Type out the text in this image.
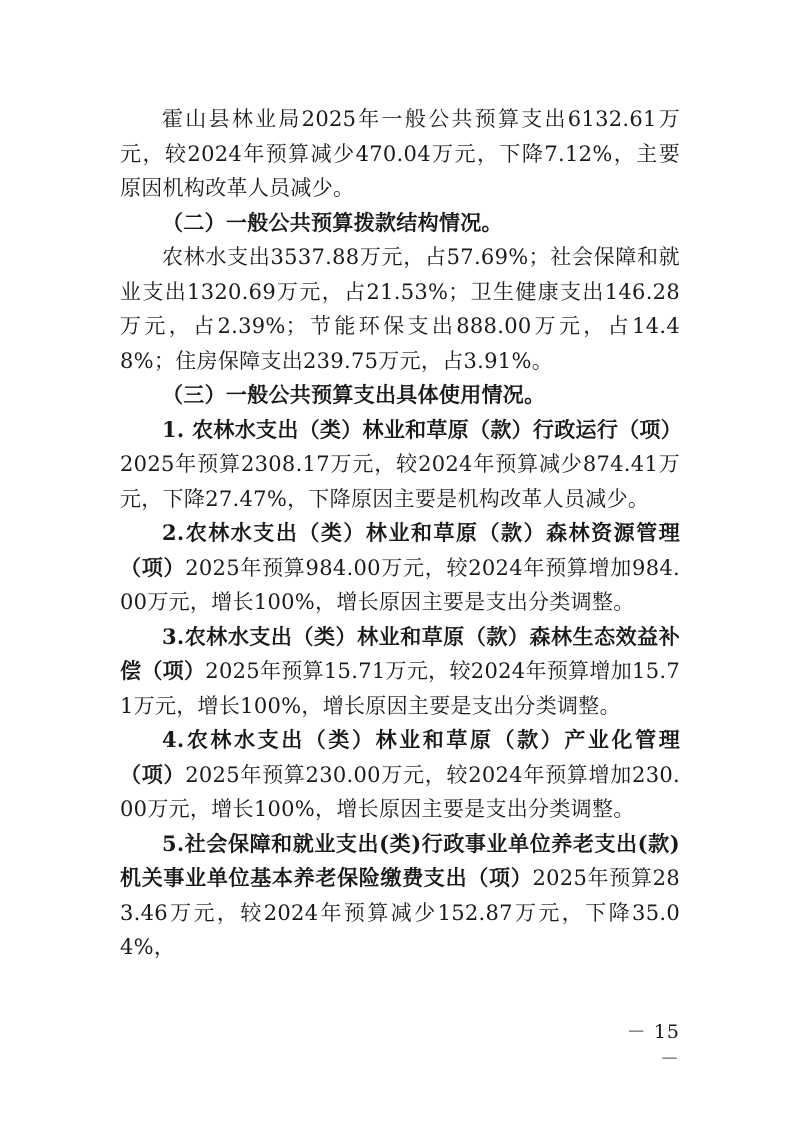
霍山县林业局2025年一般公共预算支出6132.61万元，较2024年预算减少470.04万元，下降7.12%，主要原因机构改革人员减少。

（二）一般公共预算拨款结构情况。

农林水支出3537.88万元，占57.69%；社会保障和就业支出1320.69万元，占21.53%；卫生健康支出146.28万元，占2.39%；节能环保支出888.00万元，占14.48%；住房保障支出239.75万元，占3.91%。

（三）一般公共预算支出具体使用情况。

1. 农林水支出（类）林业和草原（款）行政运行（项）2025年预算2308.17万元，较2024年预算减少874.41万元，下降27.47%，下降原因主要是机构改革人员减少。

2.农林水支出（类）林业和草原（款）森林资源管理（项）2025年预算984.00万元，较2024年预算增加984.00万元，增长100%，增长原因主要是支出分类调整。

3.农林水支出（类）林业和草原（款）森林生态效益补偿（项）2025年预算15.71万元，较2024年预算增加15.71万元，增长100%，增长原因主要是支出分类调整。

4.农林水支出（类）林业和草原（款）产业化管理（项）2025年预算230.00万元，较2024年预算增加230.00万元，增长100%，增长原因主要是支出分类调整。

5.社会保障和就业支出(类)行政事业单位养老支出(款)机关事业单位基本养老保险缴费支出（项）2025年预算283.46万元，较2024年预算减少152.87万元，下降35.04%，

－ 15 －
